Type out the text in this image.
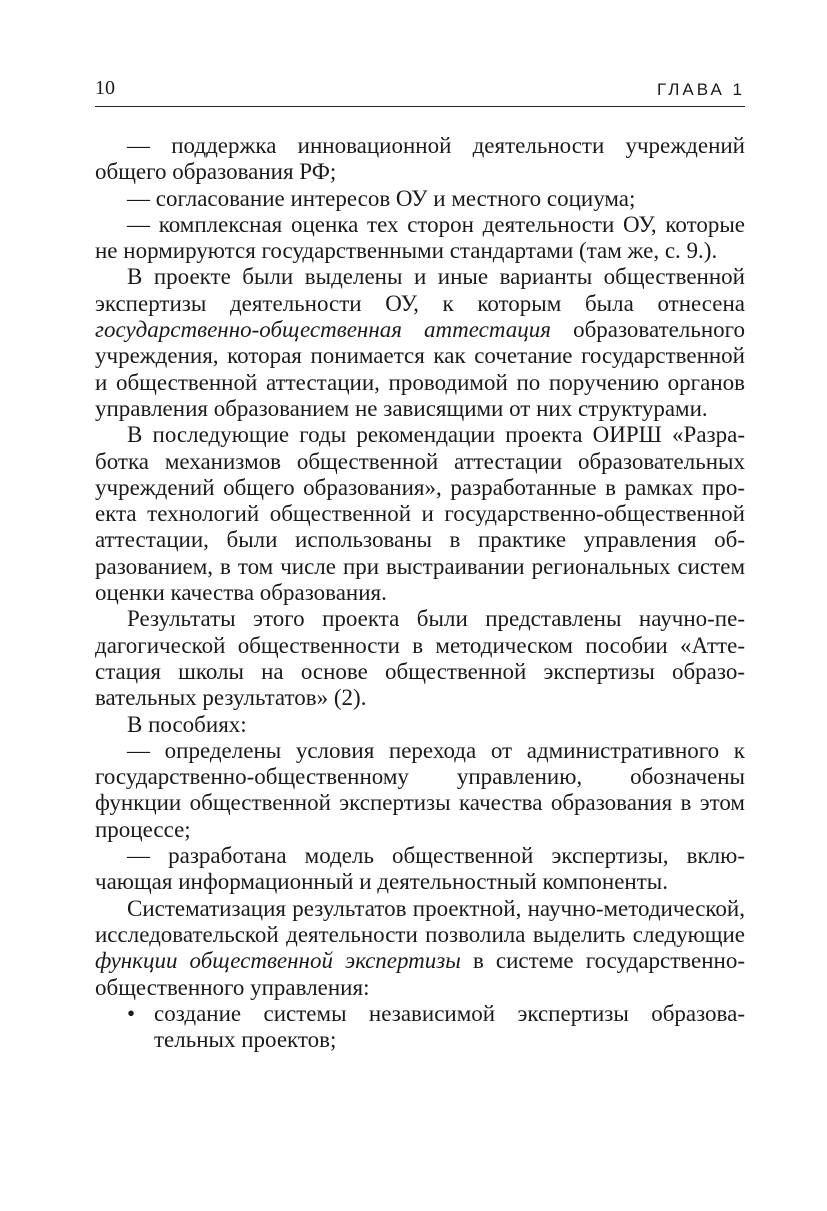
10	ГЛАВА 1

— поддержка инновационной деятельности учреждений общего образования РФ;

— согласование интересов ОУ и местного социума;

— комплексная оценка тех сторон деятельности ОУ, которые не нормируются государственными стандартами (там же, с. 9.).

В проекте были выделены и иные варианты общественной экспертизы деятельности ОУ, к которым была отнесена государственно-общественная аттестация образовательного учреждения, которая понимается как сочетание государственной и общественной аттестации, проводимой по поручению органов управления образованием не зависящими от них структурами.

В последующие годы рекомендации проекта ОИРШ «Разработка механизмов общественной аттестации образовательных учреждений общего образования», разработанные в рамках проекта технологий общественной и государственно-общественной аттестации, были использованы в практике управления образованием, в том числе при выстраивании региональных систем оценки качества образования.

Результаты этого проекта были представлены научно-педагогической общественности в методическом пособии «Аттестация школы на основе общественной экспертизы образовательных результатов» (2).

В пособиях:

— определены условия перехода от административного к государственно-общественному управлению, обозначены функции общественной экспертизы качества образования в этом процессе;

— разработана модель общественной экспертизы, включающая информационный и деятельностный компоненты.

Систематизация результатов проектной, научно-методической, исследовательской деятельности позволила выделить следующие функции общественной экспертизы в системе государственно-общественного управления:

• создание системы независимой экспертизы образовательных проектов;
